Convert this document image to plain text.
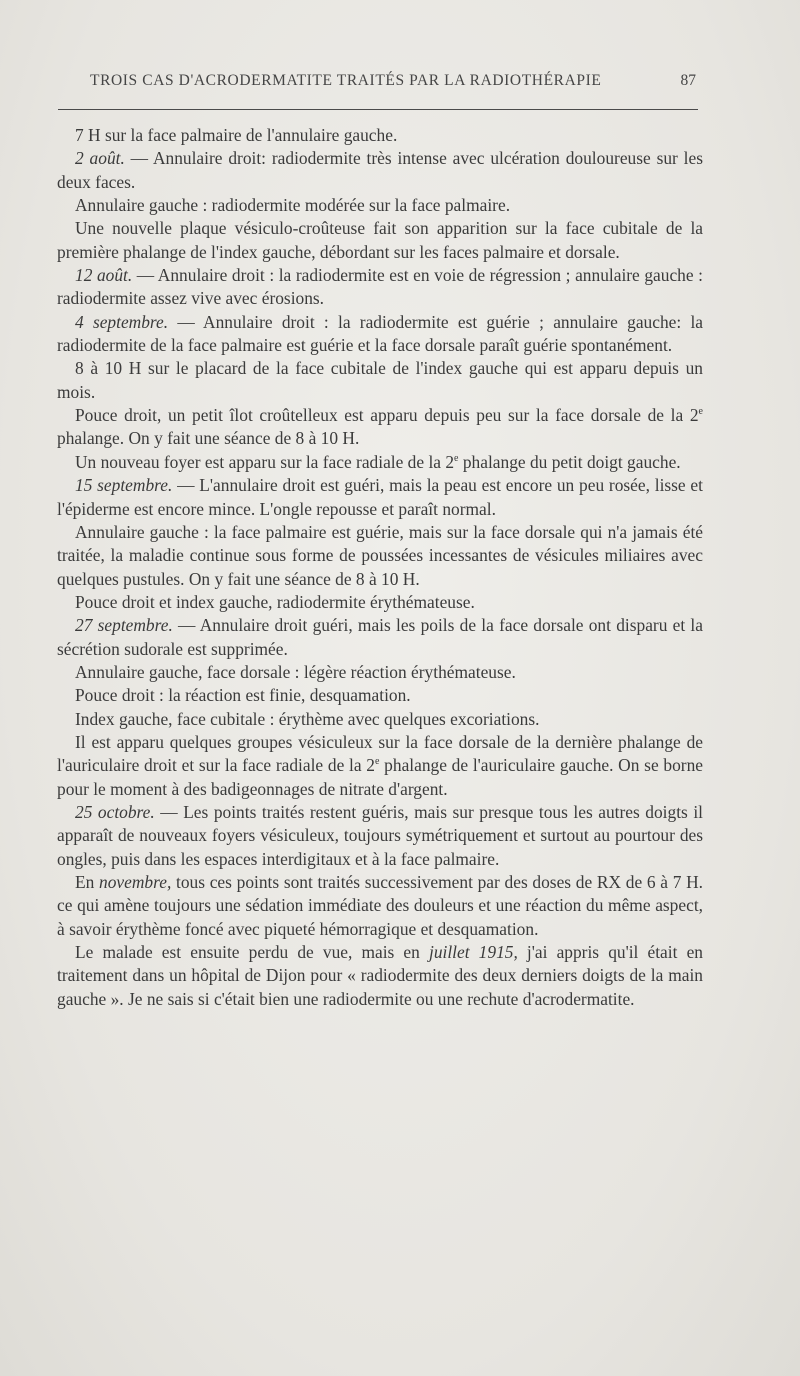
TROIS CAS D'ACRODERMATITE TRAITÉS PAR LA RADIOTHÉRAPIE	87

7 H sur la face palmaire de l'annulaire gauche.

2 août. — Annulaire droit: radiodermite très intense avec ulcération douloureuse sur les deux faces.

Annulaire gauche : radiodermite modérée sur la face palmaire.

Une nouvelle plaque vésiculo-croûteuse fait son apparition sur la face cubitale de la première phalange de l'index gauche, débordant sur les faces palmaire et dorsale.

12 août. — Annulaire droit : la radiodermite est en voie de régression ; annulaire gauche : radiodermite assez vive avec érosions.

4 septembre. — Annulaire droit : la radiodermite est guérie ; annulaire gauche: la radiodermite de la face palmaire est guérie et la face dorsale paraît guérie spontanément.

8 à 10 H sur le placard de la face cubitale de l'index gauche qui est apparu depuis un mois.

Pouce droit, un petit îlot croûtelleux est apparu depuis peu sur la face dorsale de la 2e phalange. On y fait une séance de 8 à 10 H.

Un nouveau foyer est apparu sur la face radiale de la 2e phalange du petit doigt gauche.

15 septembre. — L'annulaire droit est guéri, mais la peau est encore un peu rosée, lisse et l'épiderme est encore mince. L'ongle repousse et paraît normal.

Annulaire gauche : la face palmaire est guérie, mais sur la face dorsale qui n'a jamais été traitée, la maladie continue sous forme de poussées incessantes de vésicules miliaires avec quelques pustules. On y fait une séance de 8 à 10 H.

Pouce droit et index gauche, radiodermite érythémateuse.

27 septembre. — Annulaire droit guéri, mais les poils de la face dorsale ont disparu et la sécrétion sudorale est supprimée.

Annulaire gauche, face dorsale : légère réaction érythémateuse.

Pouce droit : la réaction est finie, desquamation.

Index gauche, face cubitale : érythème avec quelques excoriations.

Il est apparu quelques groupes vésiculeux sur la face dorsale de la dernière phalange de l'auriculaire droit et sur la face radiale de la 2e phalange de l'auriculaire gauche. On se borne pour le moment à des badigeonnages de nitrate d'argent.

25 octobre. — Les points traités restent guéris, mais sur presque tous les autres doigts il apparaît de nouveaux foyers vésiculeux, toujours symétriquement et surtout au pourtour des ongles, puis dans les espaces interdigitaux et à la face palmaire.

En novembre, tous ces points sont traités successivement par des doses de RX de 6 à 7 H. ce qui amène toujours une sédation immédiate des douleurs et une réaction du même aspect, à savoir érythème foncé avec piqueté hémorragique et desquamation.

Le malade est ensuite perdu de vue, mais en juillet 1915, j'ai appris qu'il était en traitement dans un hôpital de Dijon pour « radiodermite des deux derniers doigts de la main gauche ». Je ne sais si c'était bien une radiodermite ou une rechute d'acrodermatite.
